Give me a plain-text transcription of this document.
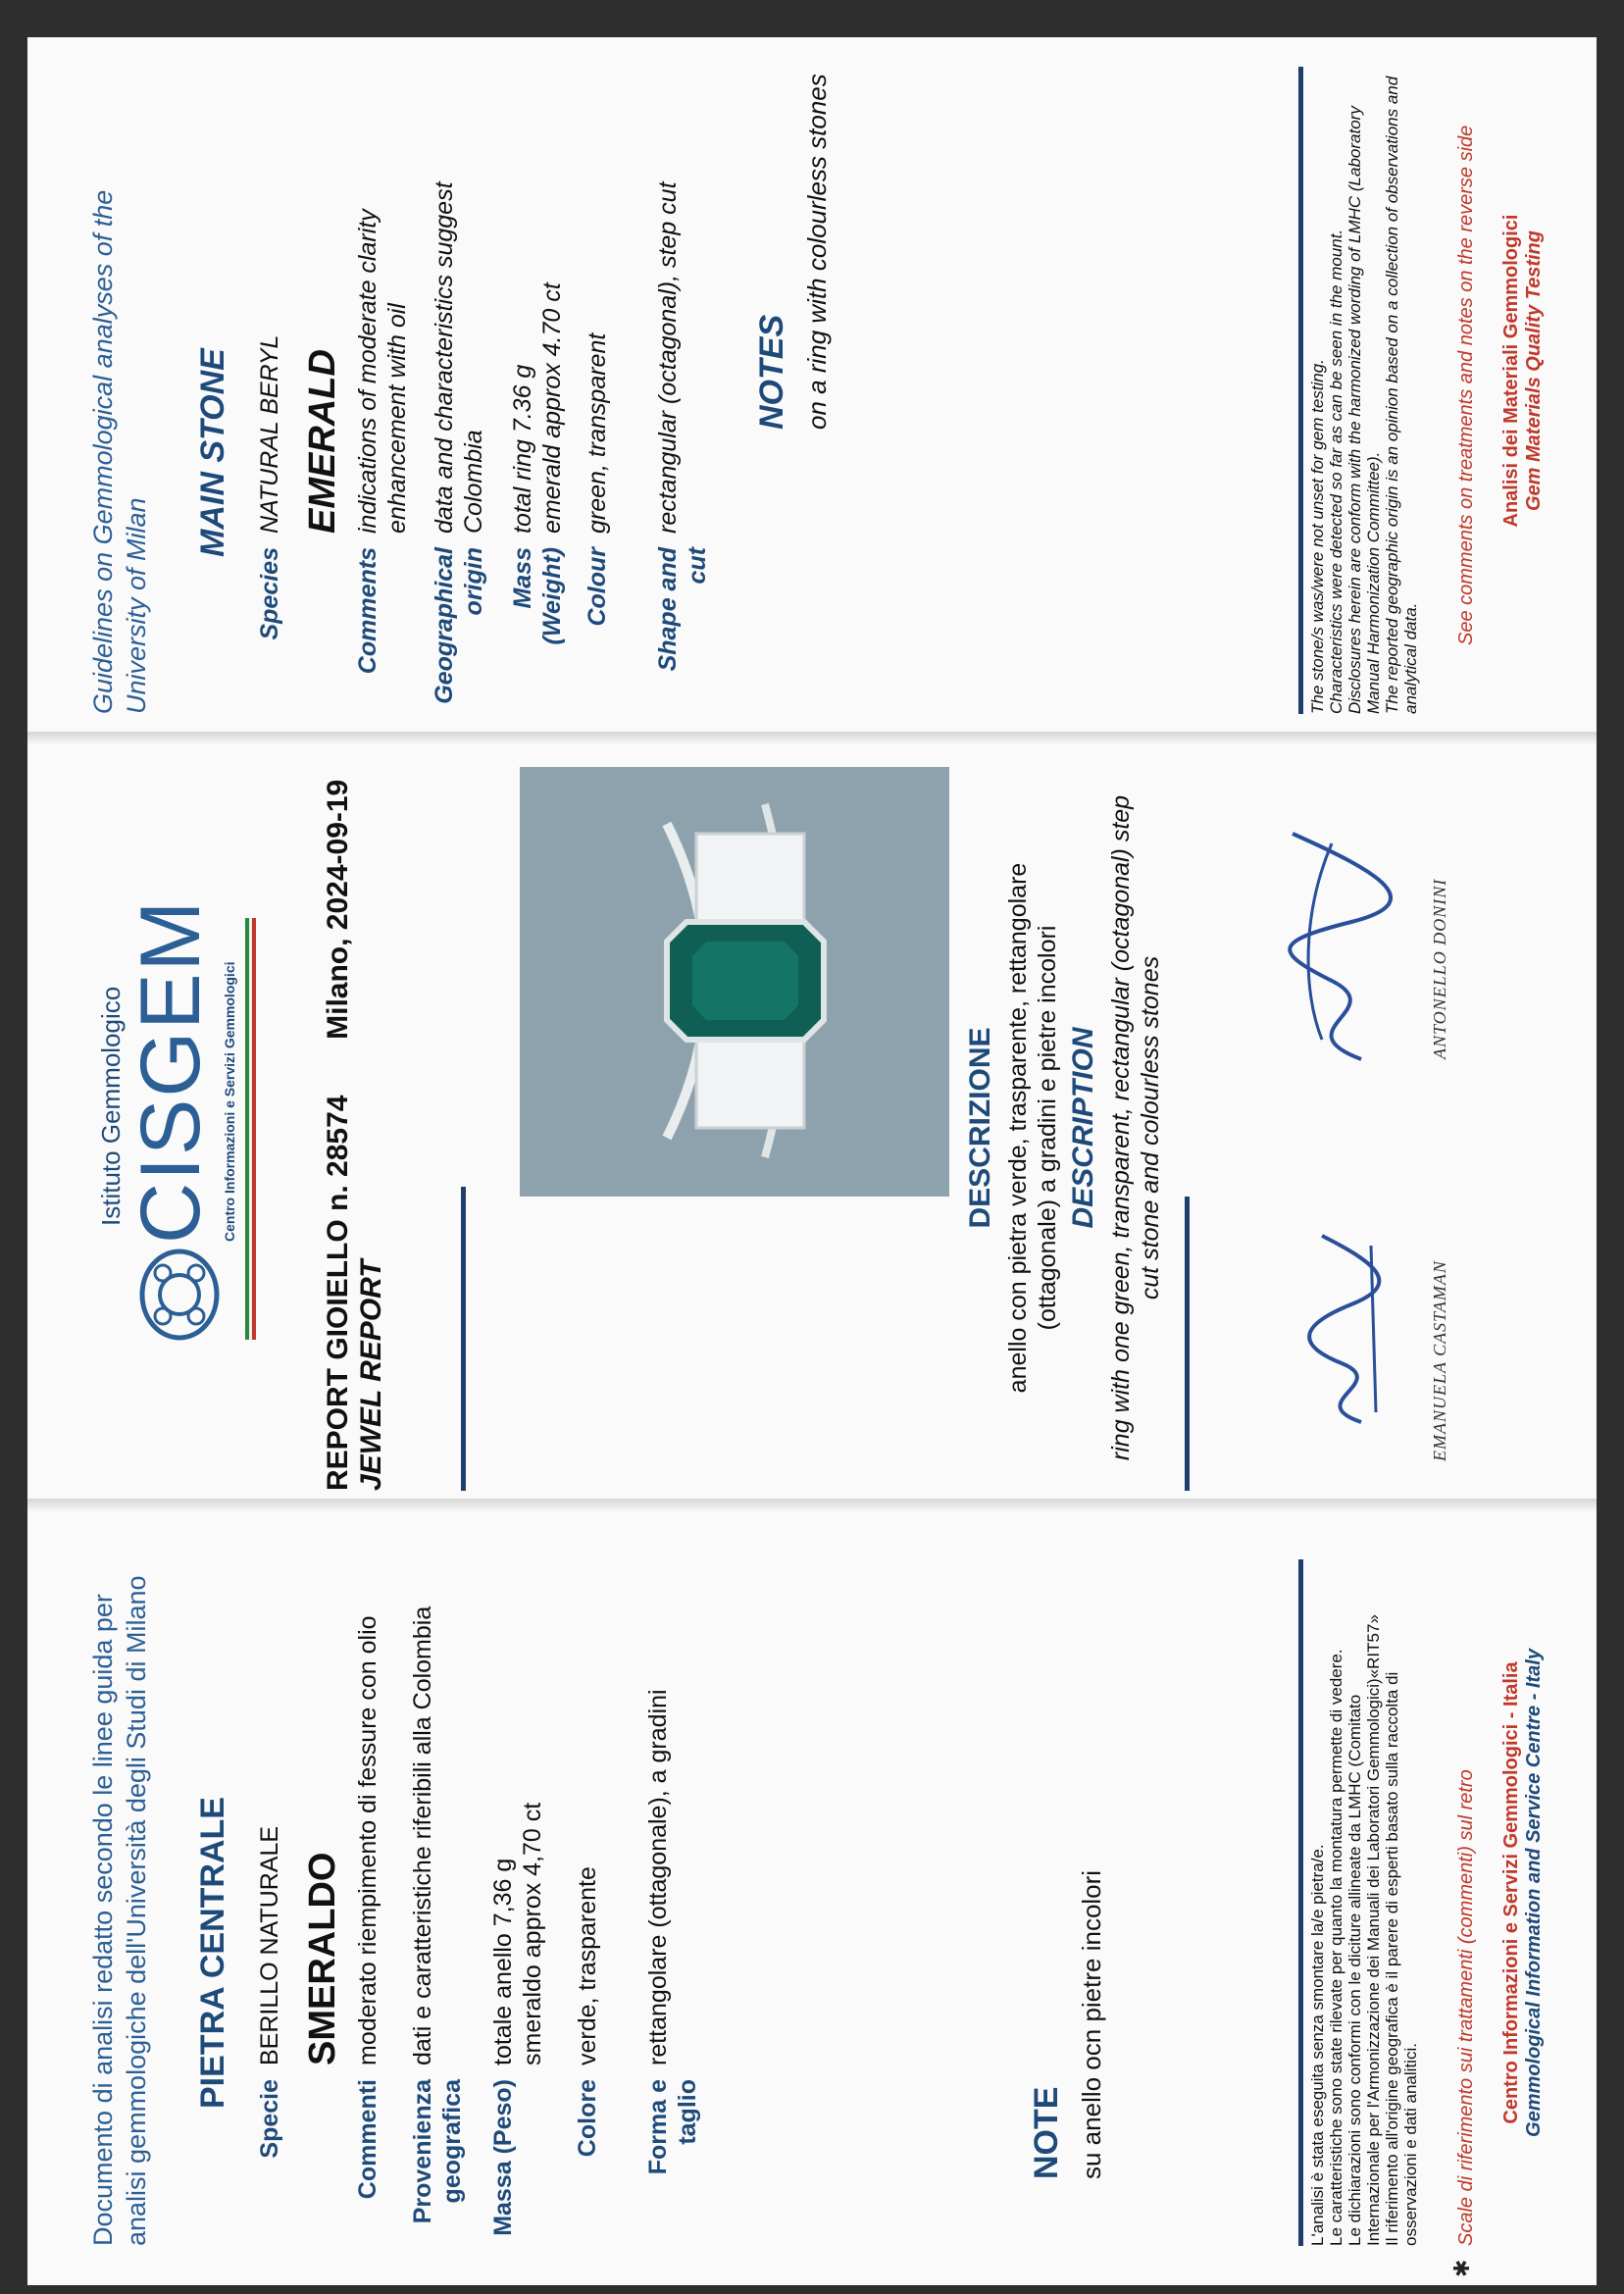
Documento di analisi redatto secondo le linee guida per analisi gemmologiche dell'Università degli Studi di Milano PIETRA CENTRALE
Specie
BERILLO NATURALE SMERALDO
Commenti
moderato riempimento di fessure con olio
Provenienza geografica
dati e caratteristiche riferibili alla Colombia
Massa (Peso)
totale anello 7,36 g smeraldo approx 4,70 ct
Colore
verde, trasparente
Forma e taglio
rettangolare (ottagonale), a gradini
NOTE su anello ocn pietre incolori	L'analisi è stata eseguita senza smontare la/e pietra/e. Le caratteristiche sono state rilevate per quanto la montatura permette di vedere. Le dichiarazioni sono conformi con le diciture allineate da LMHC (Comitato Internazionale per l'Armonizzazione dei Manuali dei Laboratori Gemmologici)«RIT57» Il riferimento all'origine geografica è il parere di esperti basato sulla raccolta di osservazioni e dati analitici.
✱
Scale di riferimento sui trattamenti (commenti) sul retro Centro Informazioni e Servizi Gemmologici - Italia Gemmological Information and Service Centre - Italy
Istituto Gemmologico
CISGEM Centro Informazioni e Servizi Gemmologici	REPORT GIOIELLO n. 28574  Milano, 2024-09-19
JEWEL REPORT
DESCRIZIONE anello con pietra verde, trasparente, rettangolare (ottagonale) a gradini e pietre incolori DESCRIPTION ring with one green, transparent, rectangular (octagonal) step cut stone and colourless stones
EMANUELA CASTAMAN
ANTONELLO DONINI
Guidelines on Gemmological analyses of the University of Milan
MAIN STONE
Species
NATURAL BERYL EMERALD
Comments
indications of moderate clarity enhancement with oil
Geographical origin
data and characteristics suggest Colombia
Mass (Weight)
total ring 7.36 g emerald approx 4.70 ct
Colour
green, transparent
Shape and cut
rectangular (octagonal), step cut	NOTES on a ring with colourless stones
The stone/s was/were not unset for gem testing. Characteristics were detected so far as can be seen in the mount. Disclosures herein are conform with the harmonized wording of LMHC (Laboratory Manual Harmonization Committee). The reported geographic origin is an opinion based on a collection of observations and analytical data.
See comments on treatments and notes on the reverse side Analisi dei Materiali Gemmologici Gem Materials Quality Testing
